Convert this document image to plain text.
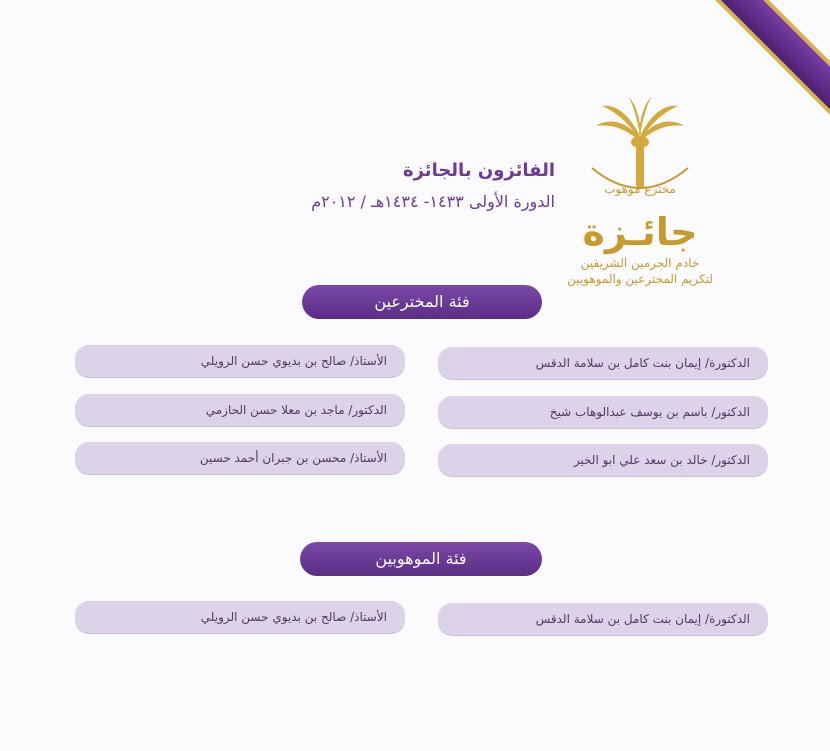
مخترع موهوب
جائـزة
خادم الحرمين الشريفين
لتكريم المخترعين والموهوبين
الفائزون بالجائزة
الدورة الأولى ١٤٣٣- ١٤٣٤هـ / ٢٠١٢م
فئة المخترعين
الدكتورة/ إيمان بنت كامل بن سلامة الدقس
الدكتور/ باسم بن يوسف عبدالوهاب شيخ
الدكتور/ خالد بن سعد علي ابو الخير
الأستاذ/ صالح بن بديوي حسن الرويلي
الدكتور/ ماجد بن معلا حسن الحازمي
الأستاذ/ محسن بن جبران أحمد حسين
فئة الموهوبين
الدكتورة/ إيمان بنت كامل بن سلامة الدقس
الأستاذ/ صالح بن بديوي حسن الرويلي
